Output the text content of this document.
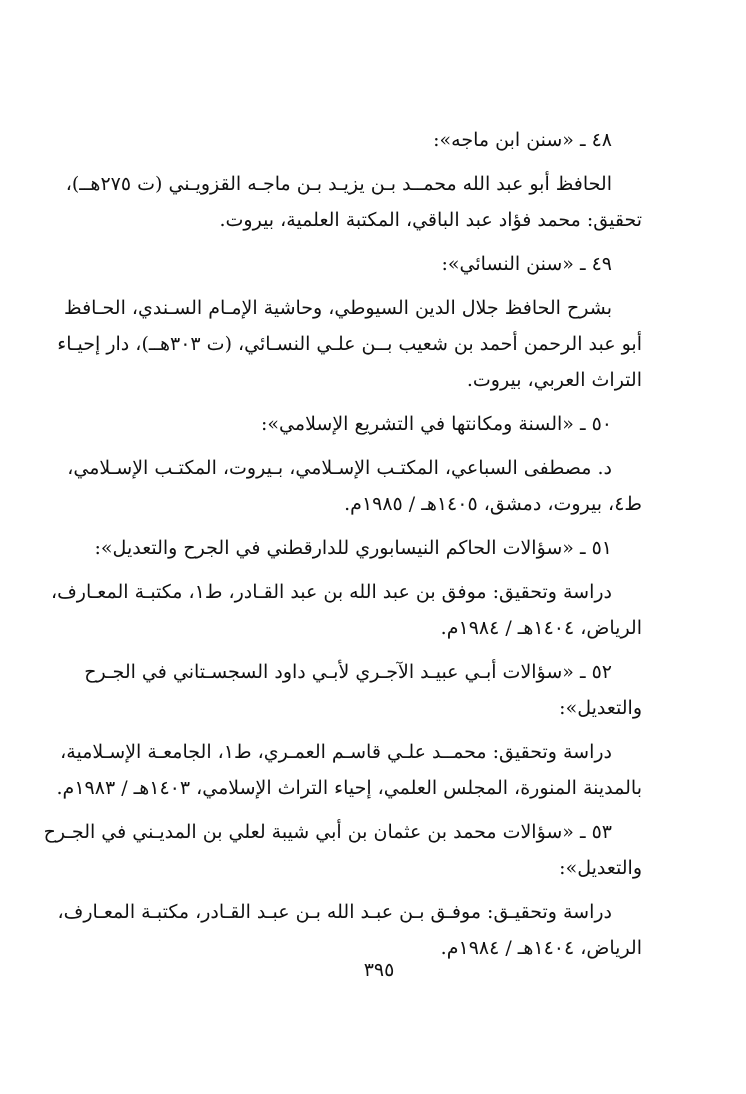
٤٨ ـ «سنن ابن ماجه»:

الحافظ أبو عبد الله محمــد بـن يزيـد بـن ماجـه القزويـني (ت ٢٧٥هــ)،
تحقيق: محمد فؤاد عبد الباقي، المكتبة العلمية، بيروت.

٤٩ ـ «سنن النسائي»:

بشرح الحافظ جلال الدين السيوطي، وحاشية الإمـام السـندي، الحـافظ
أبو عبد الرحمن أحمد بن شعيب بــن علـي النسـائي، (ت ٣٠٣هــ)، دار إحيـاء
التراث العربي، بيروت.

٥٠ ـ «السنة ومكانتها في التشريع الإسلامي»:

د. مصطفى السباعي، المكتـب الإسـلامي، بـيروت، المكتـب الإسـلامي،
ط٤، بيروت، دمشق، ١٤٠٥هـ / ١٩٨٥م.

٥١ ـ «سؤالات الحاكم النيسابوري للدارقطني في الجرح والتعديل»:

دراسة وتحقيق: موفق بن عبد الله بن عبد القـادر، ط١، مكتبـة المعـارف،
الرياض، ١٤٠٤هـ / ١٩٨٤م.

٥٢ ـ «سؤالات أبـي عبيـد الآجـري لأبـي داود السجسـتاني في الجـرح
والتعديل»:

دراسة وتحقيق: محمــد علـي قاسـم العمـري، ط١، الجامعـة الإسـلامية،
بالمدينة المنورة، المجلس العلمي، إحياء التراث الإسلامي، ١٤٠٣هـ / ١٩٨٣م.

٥٣ ـ «سؤالات محمد بن عثمان بن أبي شيبة لعلي بن المديـني في الجـرح
والتعديل»:

دراسة وتحقيـق: موفـق بـن عبـد الله بـن عبـد القـادر، مكتبـة المعـارف،
الرياض، ١٤٠٤هـ / ١٩٨٤م.

٣٩٥
